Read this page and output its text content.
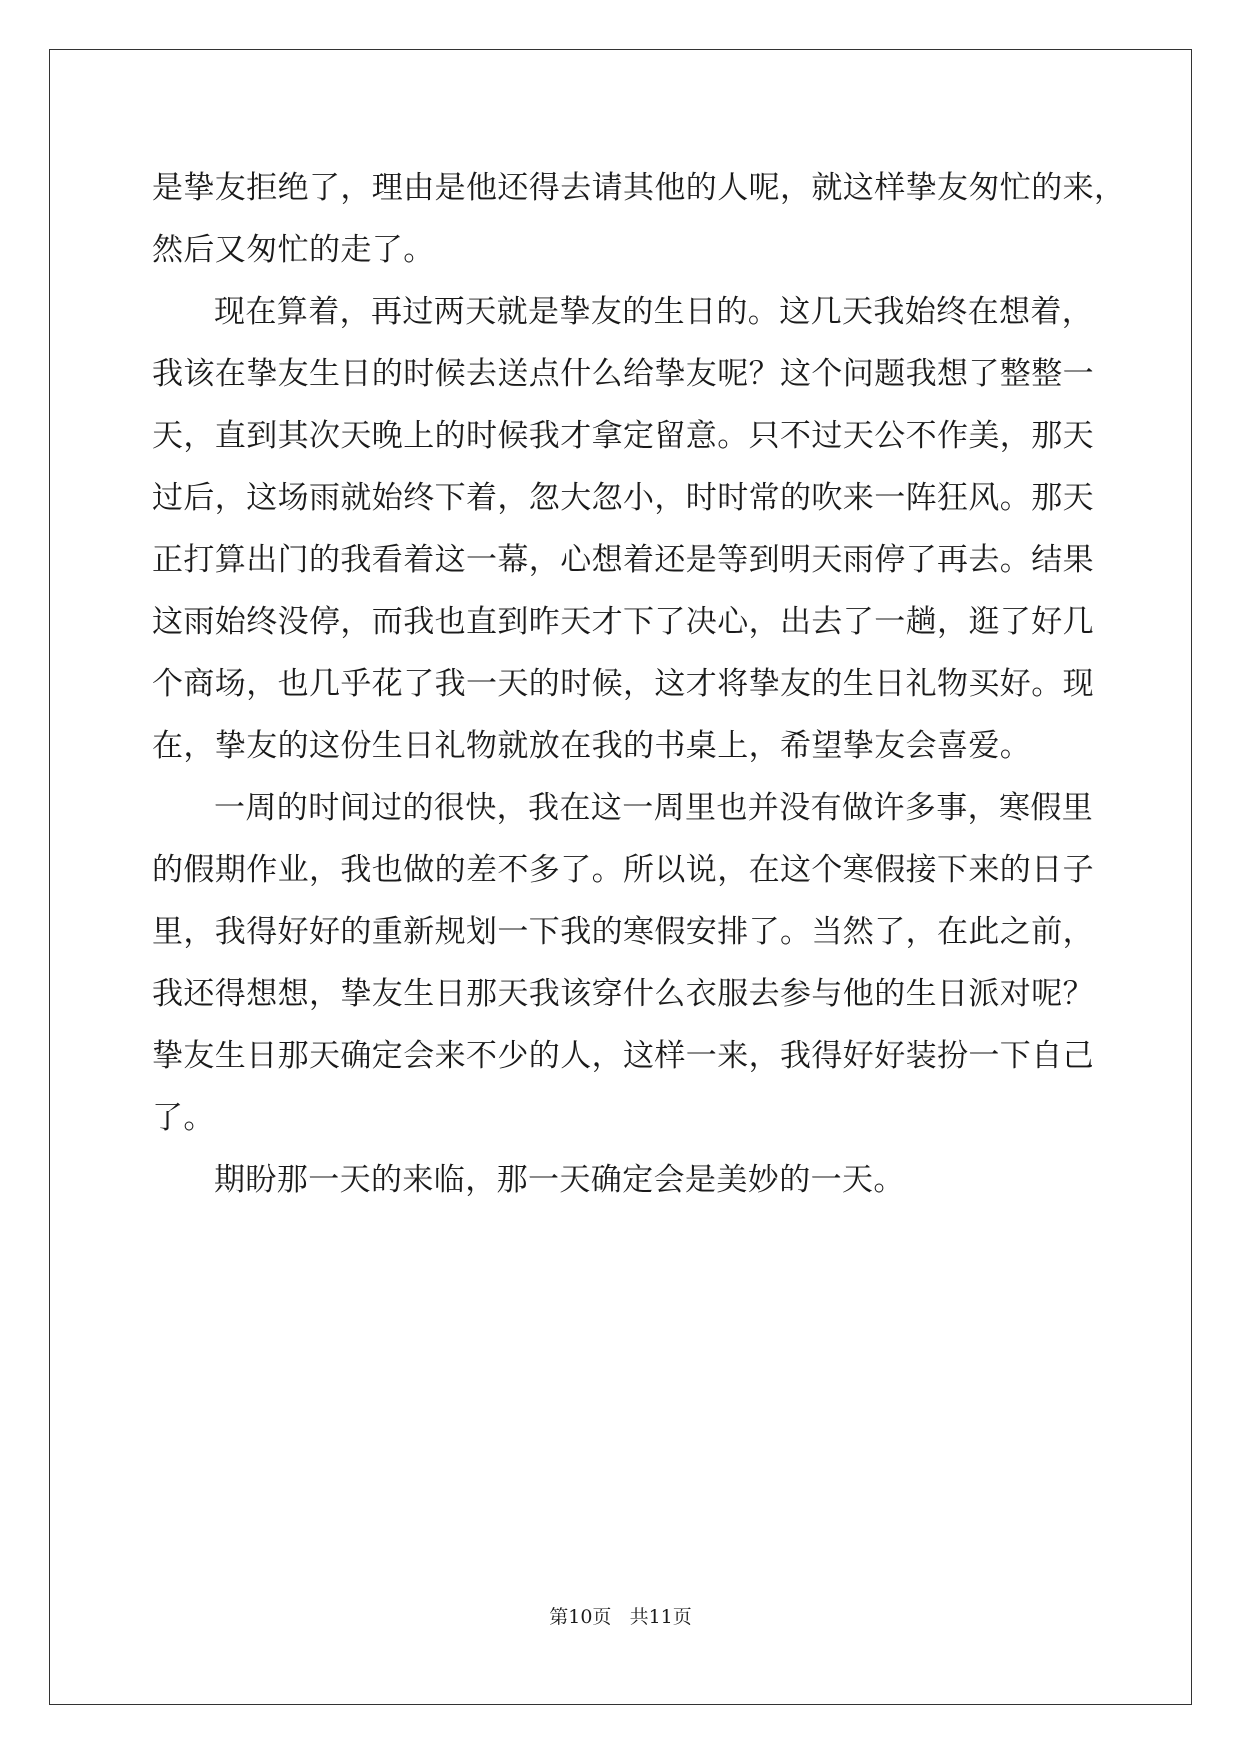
是挚友拒绝了，理由是他还得去请其他的人呢，就这样挚友匆忙的来，
然后又匆忙的走了。
现在算着，再过两天就是挚友的生日的。这几天我始终在想着，
我该在挚友生日的时候去送点什么给挚友呢？这个问题我想了整整一
天，直到其次天晚上的时候我才拿定留意。只不过天公不作美，那天
过后，这场雨就始终下着，忽大忽小，时时常的吹来一阵狂风。那天
正打算出门的我看着这一幕，心想着还是等到明天雨停了再去。结果
这雨始终没停，而我也直到昨天才下了决心，出去了一趟，逛了好几
个商场，也几乎花了我一天的时候，这才将挚友的生日礼物买好。现
在，挚友的这份生日礼物就放在我的书桌上，希望挚友会喜爱。
一周的时间过的很快，我在这一周里也并没有做许多事，寒假里
的假期作业，我也做的差不多了。所以说，在这个寒假接下来的日子
里，我得好好的重新规划一下我的寒假安排了。当然了，在此之前，
我还得想想，挚友生日那天我该穿什么衣服去参与他的生日派对呢？
挚友生日那天确定会来不少的人，这样一来，我得好好装扮一下自己
了。
期盼那一天的来临，那一天确定会是美妙的一天。
第10页 共11页
